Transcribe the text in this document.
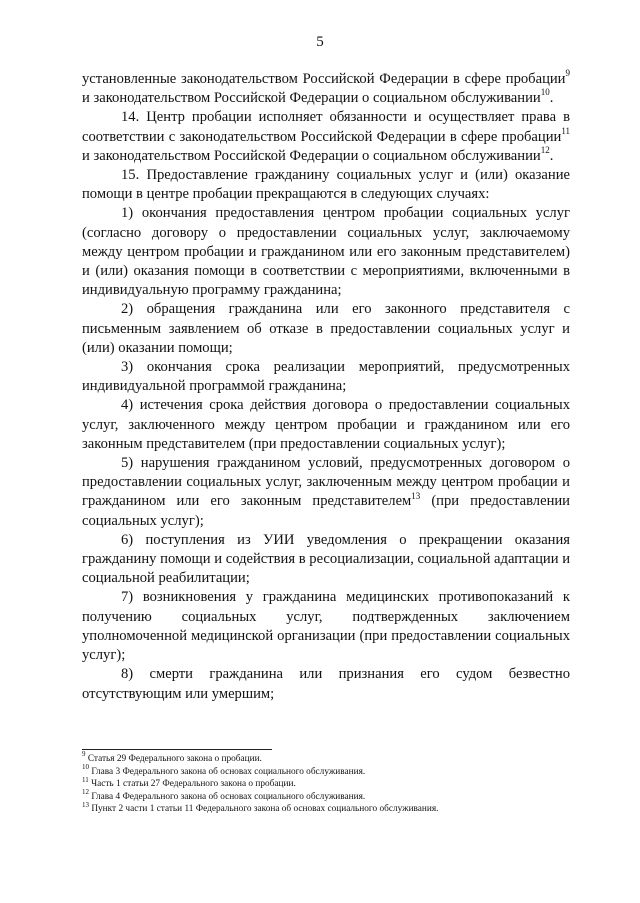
5

установленные законодательством Российской Федерации в сфере пробации$^9$ и законодательством Российской Федерации о социальном обслуживании$^{10}$.

14. Центр пробации исполняет обязанности и осуществляет права в соответствии с законодательством Российской Федерации в сфере пробации$^{11}$ и законодательством Российской Федерации о социальном обслуживании$^{12}$.

15. Предоставление гражданину социальных услуг и (или) оказание помощи в центре пробации прекращаются в следующих случаях:

1) окончания предоставления центром пробации социальных услуг (согласно договору о предоставлении социальных услуг, заключаемому между центром пробации и гражданином или его законным представителем) и (или) оказания помощи в соответствии с мероприятиями, включенными в индивидуальную программу гражданина;

2) обращения гражданина или его законного представителя с письменным заявлением об отказе в предоставлении социальных услуг и (или) оказании помощи;

3) окончания срока реализации мероприятий, предусмотренных индивидуальной программой гражданина;

4) истечения срока действия договора о предоставлении социальных услуг, заключенного между центром пробации и гражданином или его законным представителем (при предоставлении социальных услуг);

5) нарушения гражданином условий, предусмотренных договором о предоставлении социальных услуг, заключенным между центром пробации и гражданином или его законным представителем$^{13}$ (при предоставлении социальных услуг);

6) поступления из УИИ уведомления о прекращении оказания гражданину помощи и содействия в ресоциализации, социальной адаптации и социальной реабилитации;

7) возникновения у гражданина медицинских противопоказаний к получению социальных услуг, подтвержденных заключением уполномоченной медицинской организации (при предоставлении социальных услуг);

8) смерти гражданина или признания его судом безвестно отсутствующим или умершим;

$^9$ Статья 29 Федерального закона о пробации.
$^{10}$ Глава 3 Федерального закона об основах социального обслуживания.
$^{11}$ Часть 1 статьи 27 Федерального закона о пробации.
$^{12}$ Глава 4 Федерального закона об основах социального обслуживания.
$^{13}$ Пункт 2 части 1 статьи 11 Федерального закона об основах социального обслуживания.
